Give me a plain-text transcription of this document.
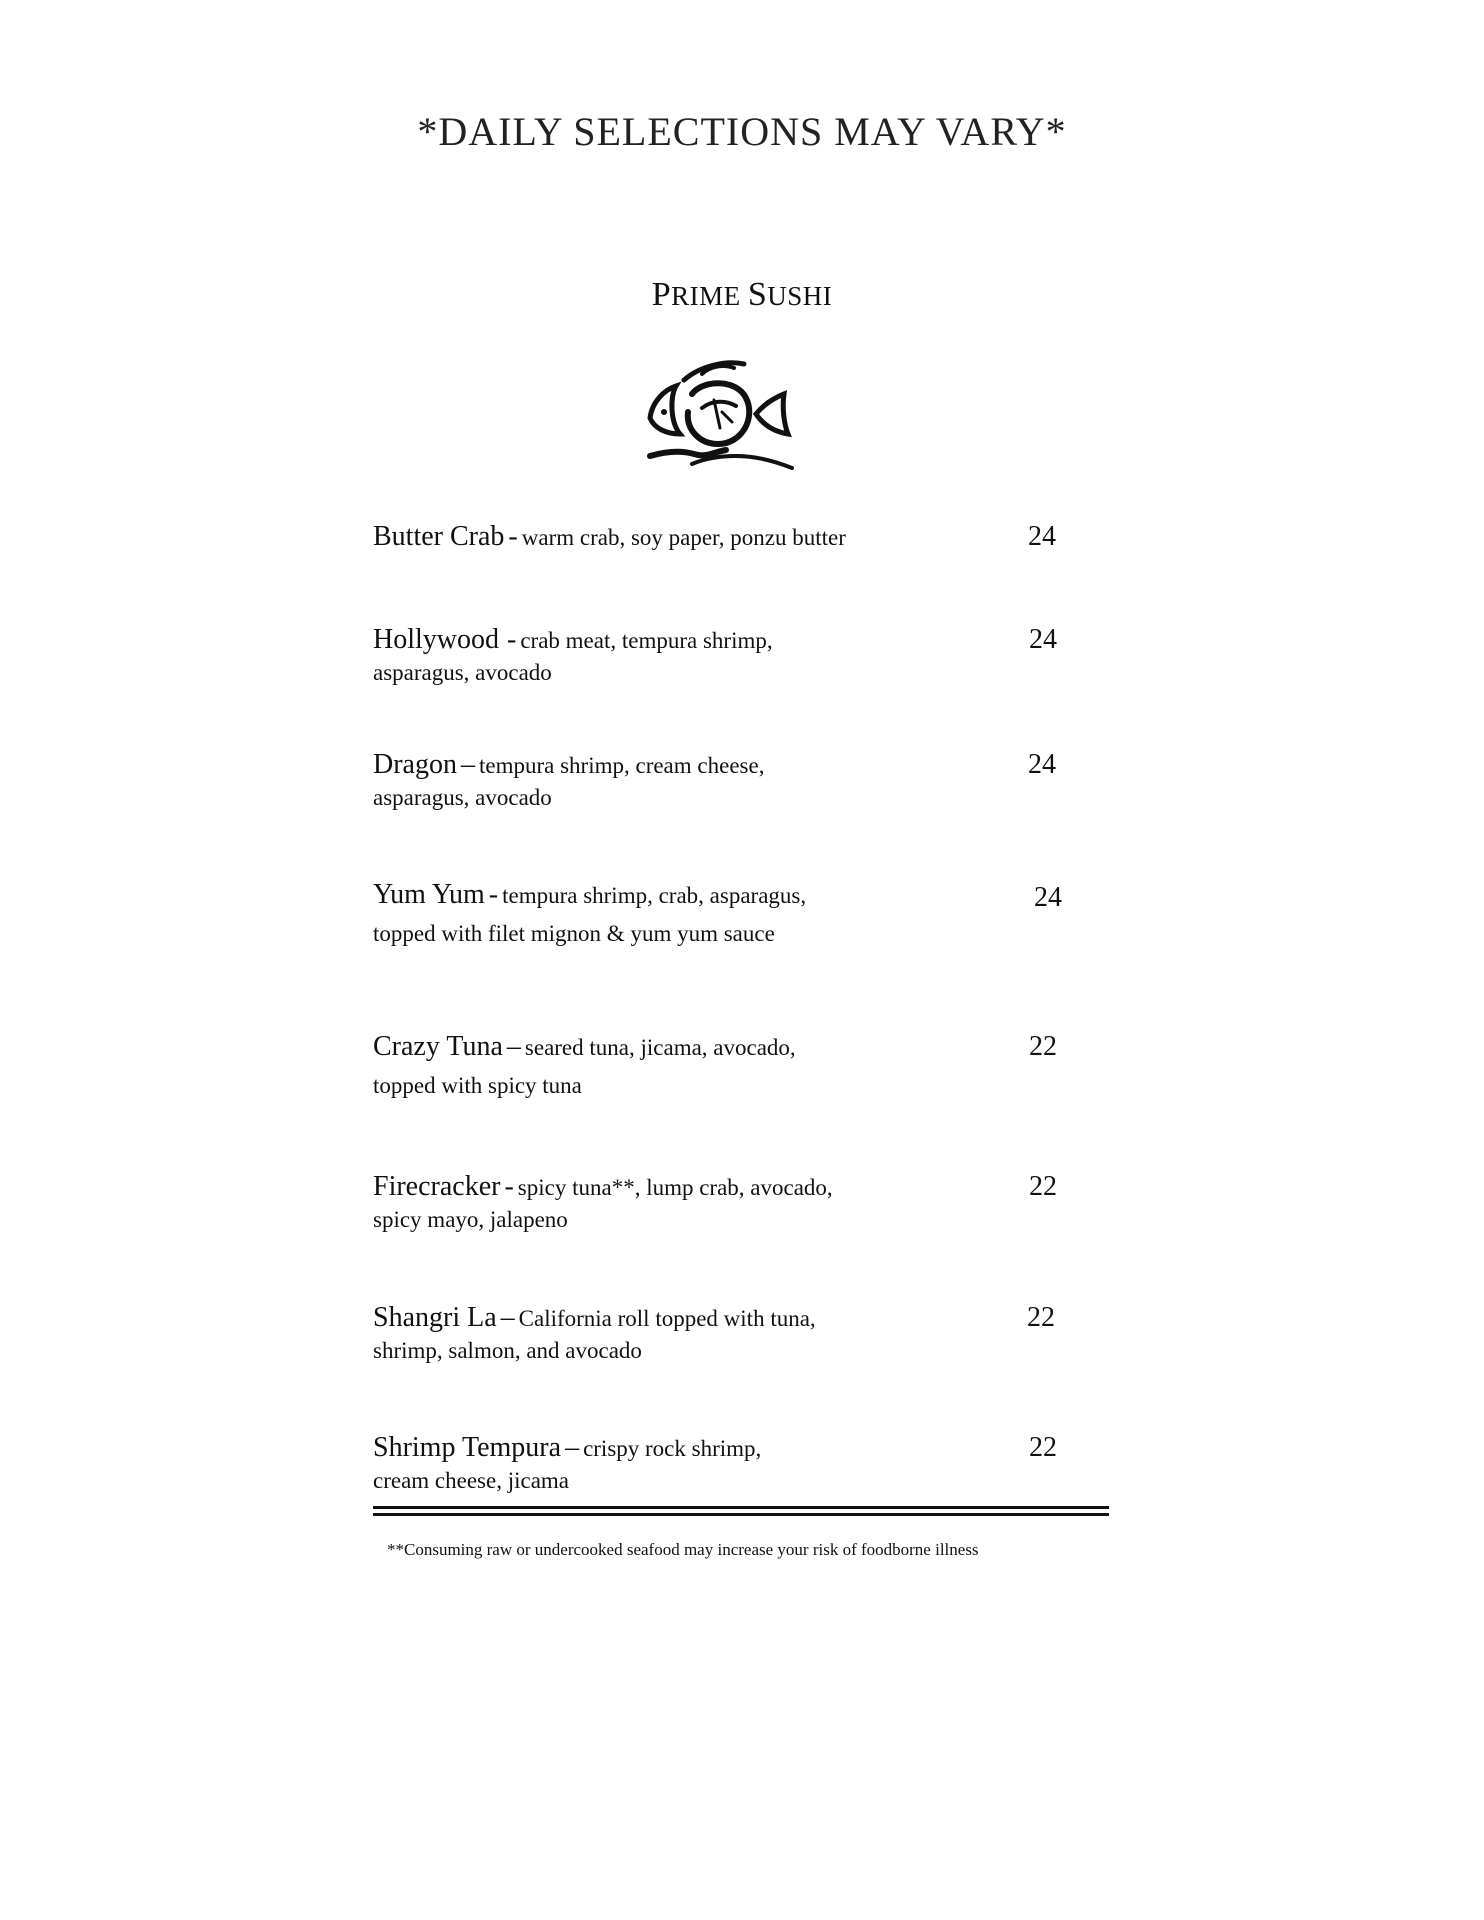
*DAILY SELECTIONS MAY VARY*
PRIME SUSHI
Butter Crab - warm crab, soy paper, ponzu butter	24
Hollywood - crab meat, tempura shrimp,	24
asparagus, avocado
Dragon – tempura shrimp, cream cheese,	24
asparagus, avocado
Yum Yum - tempura shrimp, crab, asparagus,	24
topped with filet mignon & yum yum sauce
Crazy Tuna – seared tuna, jicama, avocado,	22
topped with spicy tuna
Firecracker - spicy tuna**, lump crab, avocado,	22
spicy mayo, jalapeno
Shangri La – California roll topped with tuna,	22
shrimp, salmon, and avocado
Shrimp Tempura – crispy rock shrimp,	22
cream cheese, jicama
**Consuming raw or undercooked seafood may increase your risk of foodborne illness
